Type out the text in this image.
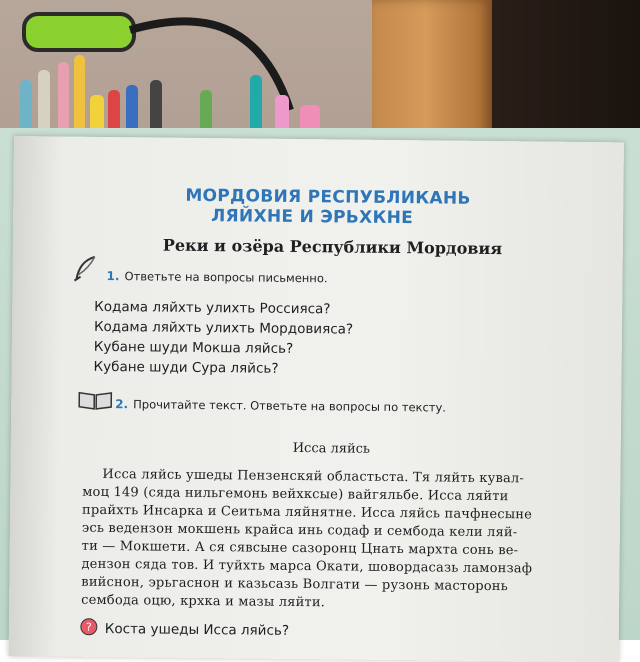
МОРДОВИЯ РЕСПУБЛИКАНЬ
ЛЯЙХНЕ И ЭРЬХКНЕ
Реки и озёра Республики Мордовия
1. Ответьте на вопросы письменно.
Кодама ляйхть улихть Россияса?
Кодама ляйхть улихть Мордовияса?
Кубане шуди Мокша ляйсь?
Кубане шуди Сура ляйсь?
2. Прочитайте текст. Ответьте на вопросы по тексту.
Исса ляйсь
Исса ляйсь ушеды Пензенскяй областьста. Тя ляйть кувал-
моц 149 (сяда нильгемонь вейхксые) вайгяльбе. Исса ляйти
прайхть Инсарка и Сеитьма ляйнятне. Исса ляйсь пачфнесыне
эсь ведензон мокшень крайса инь содаф и сембода кели ляй-
ти — Мокшети. А ся сявсыне сазоронц Цнать мархта сонь ве-
дензон сяда тов. И туйхть марса Окати, шовордасазь ламонзаф
вийснон, эрьгаснон и казьсазь Волгати — рузонь масторонь
сембода оцю, крхка и мазы ляйти.
? Коста ушеды Исса ляйсь?
